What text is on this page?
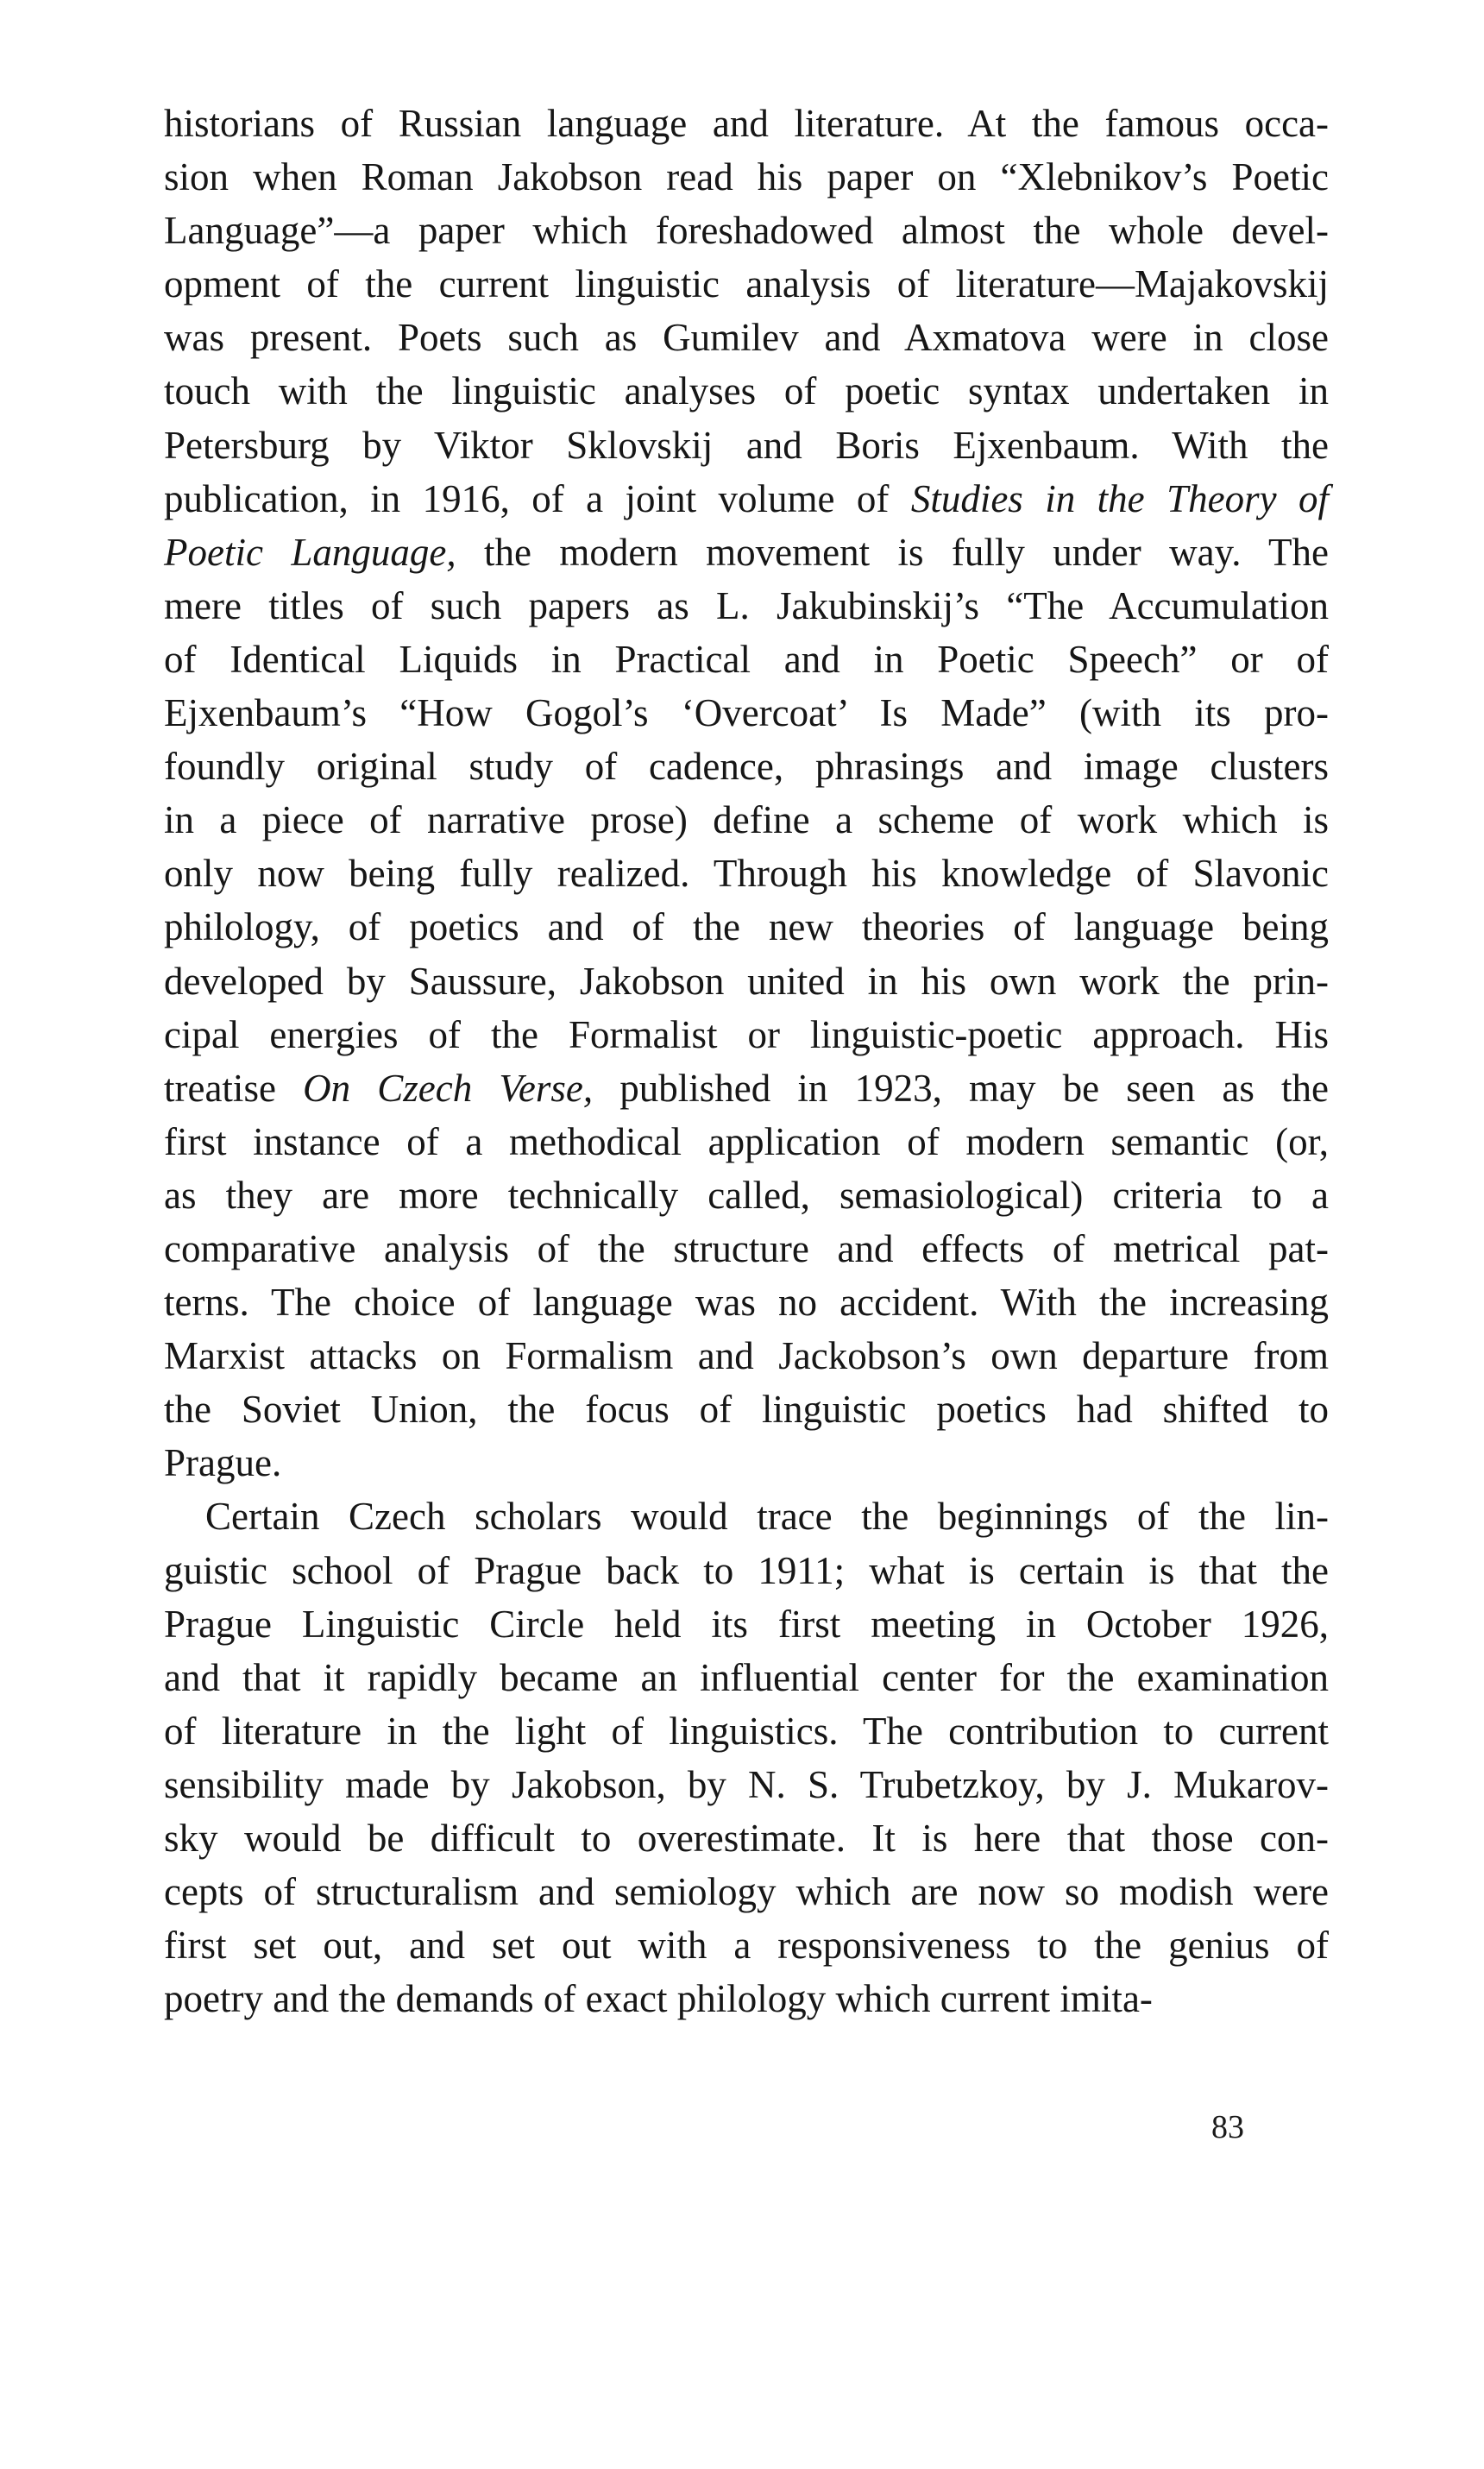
historians of Russian language and literature. At the famous occa-
sion when Roman Jakobson read his paper on “Xlebnikov’s Poetic
Language”—a paper which foreshadowed almost the whole devel-
opment of the current linguistic analysis of literature—Majakovskij
was present. Poets such as Gumilev and Axmatova were in close
touch with the linguistic analyses of poetic syntax undertaken in
Petersburg by Viktor Sklovskij and Boris Ejxenbaum. With the
publication, in 1916, of a joint volume of Studies in the Theory of
Poetic Language, the modern movement is fully under way. The
mere titles of such papers as L. Jakubinskij’s “The Accumulation
of Identical Liquids in Practical and in Poetic Speech” or of
Ejxenbaum’s “How Gogol’s ‘Overcoat’ Is Made” (with its pro-
foundly original study of cadence, phrasings and image clusters
in a piece of narrative prose) define a scheme of work which is
only now being fully realized. Through his knowledge of Slavonic
philology, of poetics and of the new theories of language being
developed by Saussure, Jakobson united in his own work the prin-
cipal energies of the Formalist or linguistic-poetic approach. His
treatise On Czech Verse, published in 1923, may be seen as the
first instance of a methodical application of modern semantic (or,
as they are more technically called, semasiological) criteria to a
comparative analysis of the structure and effects of metrical pat-
terns. The choice of language was no accident. With the increasing
Marxist attacks on Formalism and Jackobson’s own departure from
the Soviet Union, the focus of linguistic poetics had shifted to
Prague.
Certain Czech scholars would trace the beginnings of the lin-
guistic school of Prague back to 1911; what is certain is that the
Prague Linguistic Circle held its first meeting in October 1926,
and that it rapidly became an influential center for the examination
of literature in the light of linguistics. The contribution to current
sensibility made by Jakobson, by N. S. Trubetzkoy, by J. Mukarov-
sky would be difficult to overestimate. It is here that those con-
cepts of structuralism and semiology which are now so modish were
first set out, and set out with a responsiveness to the genius of
poetry and the demands of exact philology which current imita-
83
